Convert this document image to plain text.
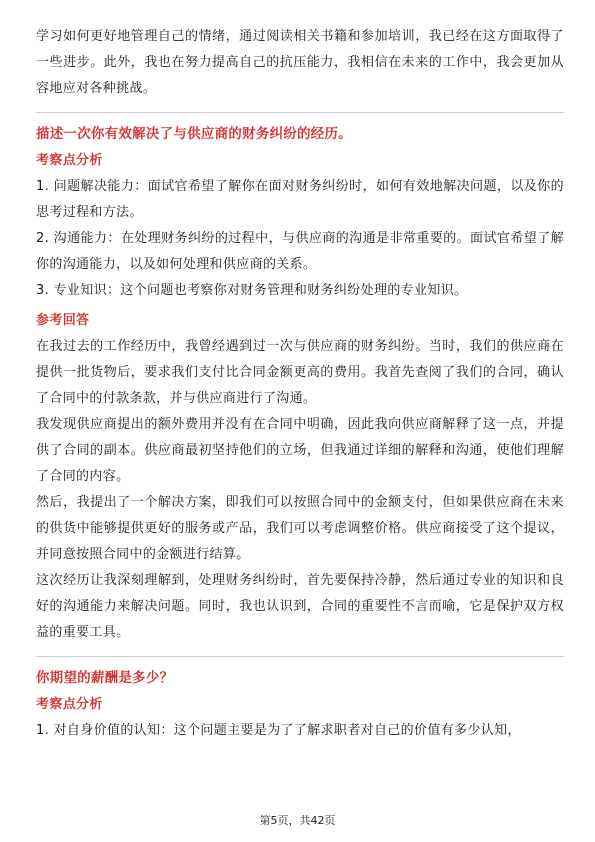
学习如何更好地管理自己的情绪，通过阅读相关书籍和参加培训，我已经在这方面取得了一些进步。此外，我也在努力提高自己的抗压能力，我相信在未来的工作中，我会更加从容地应对各种挑战。

描述一次你有效解决了与供应商的财务纠纷的经历。

考察点分析

1. 问题解决能力：面试官希望了解你在面对财务纠纷时，如何有效地解决问题，以及你的思考过程和方法。

2. 沟通能力：在处理财务纠纷的过程中，与供应商的沟通是非常重要的。面试官希望了解你的沟通能力，以及如何处理和供应商的关系。

3. 专业知识：这个问题也考察你对财务管理和财务纠纷处理的专业知识。

参考回答

在我过去的工作经历中，我曾经遇到过一次与供应商的财务纠纷。当时，我们的供应商在提供一批货物后，要求我们支付比合同金额更高的费用。我首先查阅了我们的合同，确认了合同中的付款条款，并与供应商进行了沟通。

我发现供应商提出的额外费用并没有在合同中明确，因此我向供应商解释了这一点，并提供了合同的副本。供应商最初坚持他们的立场，但我通过详细的解释和沟通，使他们理解了合同的内容。

然后，我提出了一个解决方案，即我们可以按照合同中的金额支付，但如果供应商在未来的供货中能够提供更好的服务或产品，我们可以考虑调整价格。供应商接受了这个提议，并同意按照合同中的金额进行结算。

这次经历让我深刻理解到，处理财务纠纷时，首先要保持冷静，然后通过专业的知识和良好的沟通能力来解决问题。同时，我也认识到，合同的重要性不言而喻，它是保护双方权益的重要工具。

你期望的薪酬是多少？

考察点分析

1. 对自身价值的认知：这个问题主要是为了了解求职者对自己的价值有多少认知，

第5页，共42页
